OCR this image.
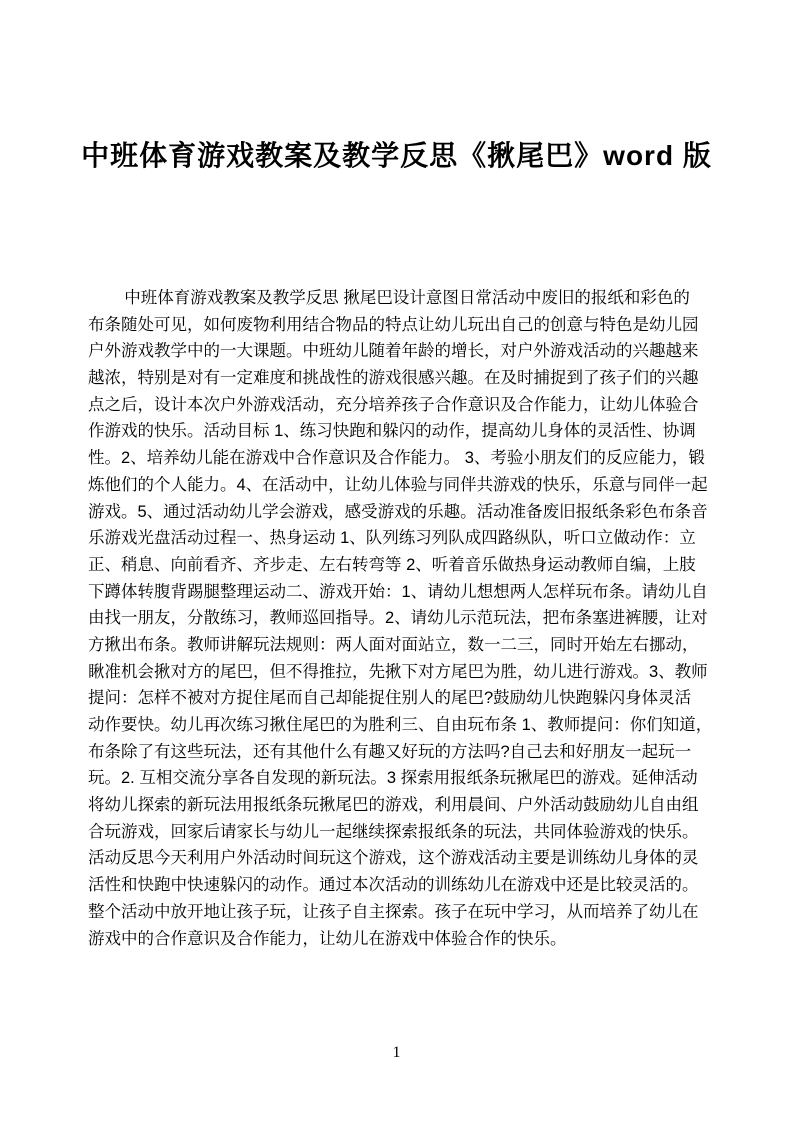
中班体育游戏教案及教学反思《揪尾巴》word 版
中班体育游戏教案及教学反思 揪尾巴设计意图日常活动中废旧的报纸和彩色的
布条随处可见，如何废物利用结合物品的特点让幼儿玩出自己的创意与特色是幼儿园
户外游戏教学中的一大课题。中班幼儿随着年龄的增长，对户外游戏活动的兴趣越来
越浓，特别是对有一定难度和挑战性的游戏很感兴趣。在及时捕捉到了孩子们的兴趣
点之后，设计本次户外游戏活动，充分培养孩子合作意识及合作能力，让幼儿体验合
作游戏的快乐。活动目标 1、练习快跑和躲闪的动作，提高幼儿身体的灵活性、协调
性。2、培养幼儿能在游戏中合作意识及合作能力。 3、考验小朋友们的反应能力，锻
炼他们的个人能力。4、在活动中，让幼儿体验与同伴共游戏的快乐，乐意与同伴一起
游戏。5、通过活动幼儿学会游戏，感受游戏的乐趣。活动准备废旧报纸条彩色布条音
乐游戏光盘活动过程一、热身运动 1、队列练习列队成四路纵队，听口立做动作：立
正、稍息、向前看齐、齐步走、左右转弯等 2、听着音乐做热身运动教师自编，上肢
下蹲体转腹背踢腿整理运动二、游戏开始：1、请幼儿想想两人怎样玩布条。请幼儿自
由找一朋友，分散练习，教师巡回指导。2、请幼儿示范玩法，把布条塞进裤腰，让对
方揪出布条。教师讲解玩法规则：两人面对面站立，数一二三，同时开始左右挪动，
瞅准机会揪对方的尾巴，但不得推拉，先揪下对方尾巴为胜，幼儿进行游戏。3、教师
提问：怎样不被对方捉住尾而自己却能捉住别人的尾巴?鼓励幼儿快跑躲闪身体灵活
动作要快。幼儿再次练习揪住尾巴的为胜利三、自由玩布条 1、教师提问：你们知道，
布条除了有这些玩法，还有其他什么有趣又好玩的方法吗?自己去和好朋友一起玩一
玩。2. 互相交流分享各自发现的新玩法。3 探索用报纸条玩揪尾巴的游戏。延伸活动
将幼儿探索的新玩法用报纸条玩揪尾巴的游戏，利用晨间、户外活动鼓励幼儿自由组
合玩游戏，回家后请家长与幼儿一起继续探索报纸条的玩法，共同体验游戏的快乐。
活动反思今天利用户外活动时间玩这个游戏，这个游戏活动主要是训练幼儿身体的灵
活性和快跑中快速躲闪的动作。通过本次活动的训练幼儿在游戏中还是比较灵活的。
整个活动中放开地让孩子玩，让孩子自主探索。孩子在玩中学习，从而培养了幼儿在
游戏中的合作意识及合作能力，让幼儿在游戏中体验合作的快乐。
1
